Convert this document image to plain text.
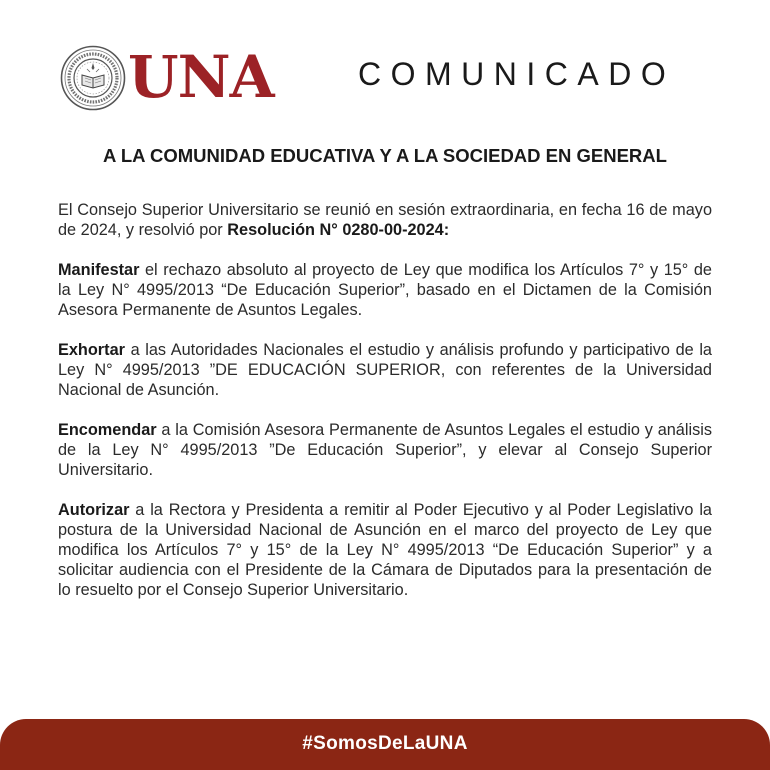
UNA	COMUNICADO
A LA COMUNIDAD EDUCATIVA Y A LA SOCIEDAD EN GENERAL

El Consejo Superior Universitario se reunió en sesión extraordinaria, en fecha 16 de mayo de 2024, y resolvió por Resolución N° 0280-00-2024:

Manifestar el rechazo absoluto al proyecto de Ley que modifica los Artículos 7° y 15° de la Ley N° 4995/2013 “De Educación Superior”, basado en el Dictamen de la Comisión Asesora Permanente de Asuntos Legales.

Exhortar a las Autoridades Nacionales el estudio y análisis profundo y participativo de la Ley N° 4995/2013 ”DE EDUCACIÓN SUPERIOR, con referentes de la Universidad Nacional de Asunción.

Encomendar a la Comisión Asesora Permanente de Asuntos Legales el estudio y análisis de la Ley N° 4995/2013 ”De Educación Superior”, y elevar al Consejo Superior Universitario.

Autorizar a la Rectora y Presidenta a remitir al Poder Ejecutivo y al Poder Legislativo la postura de la Universidad Nacional de Asunción en el marco del proyecto de Ley que modifica los Artículos 7° y 15° de la Ley N° 4995/2013 “De Educación Superior” y a solicitar audiencia con el Presidente de la Cámara de Diputados para la presentación de lo resuelto por el Consejo Superior Universitario.

#SomosDeLaUNA
